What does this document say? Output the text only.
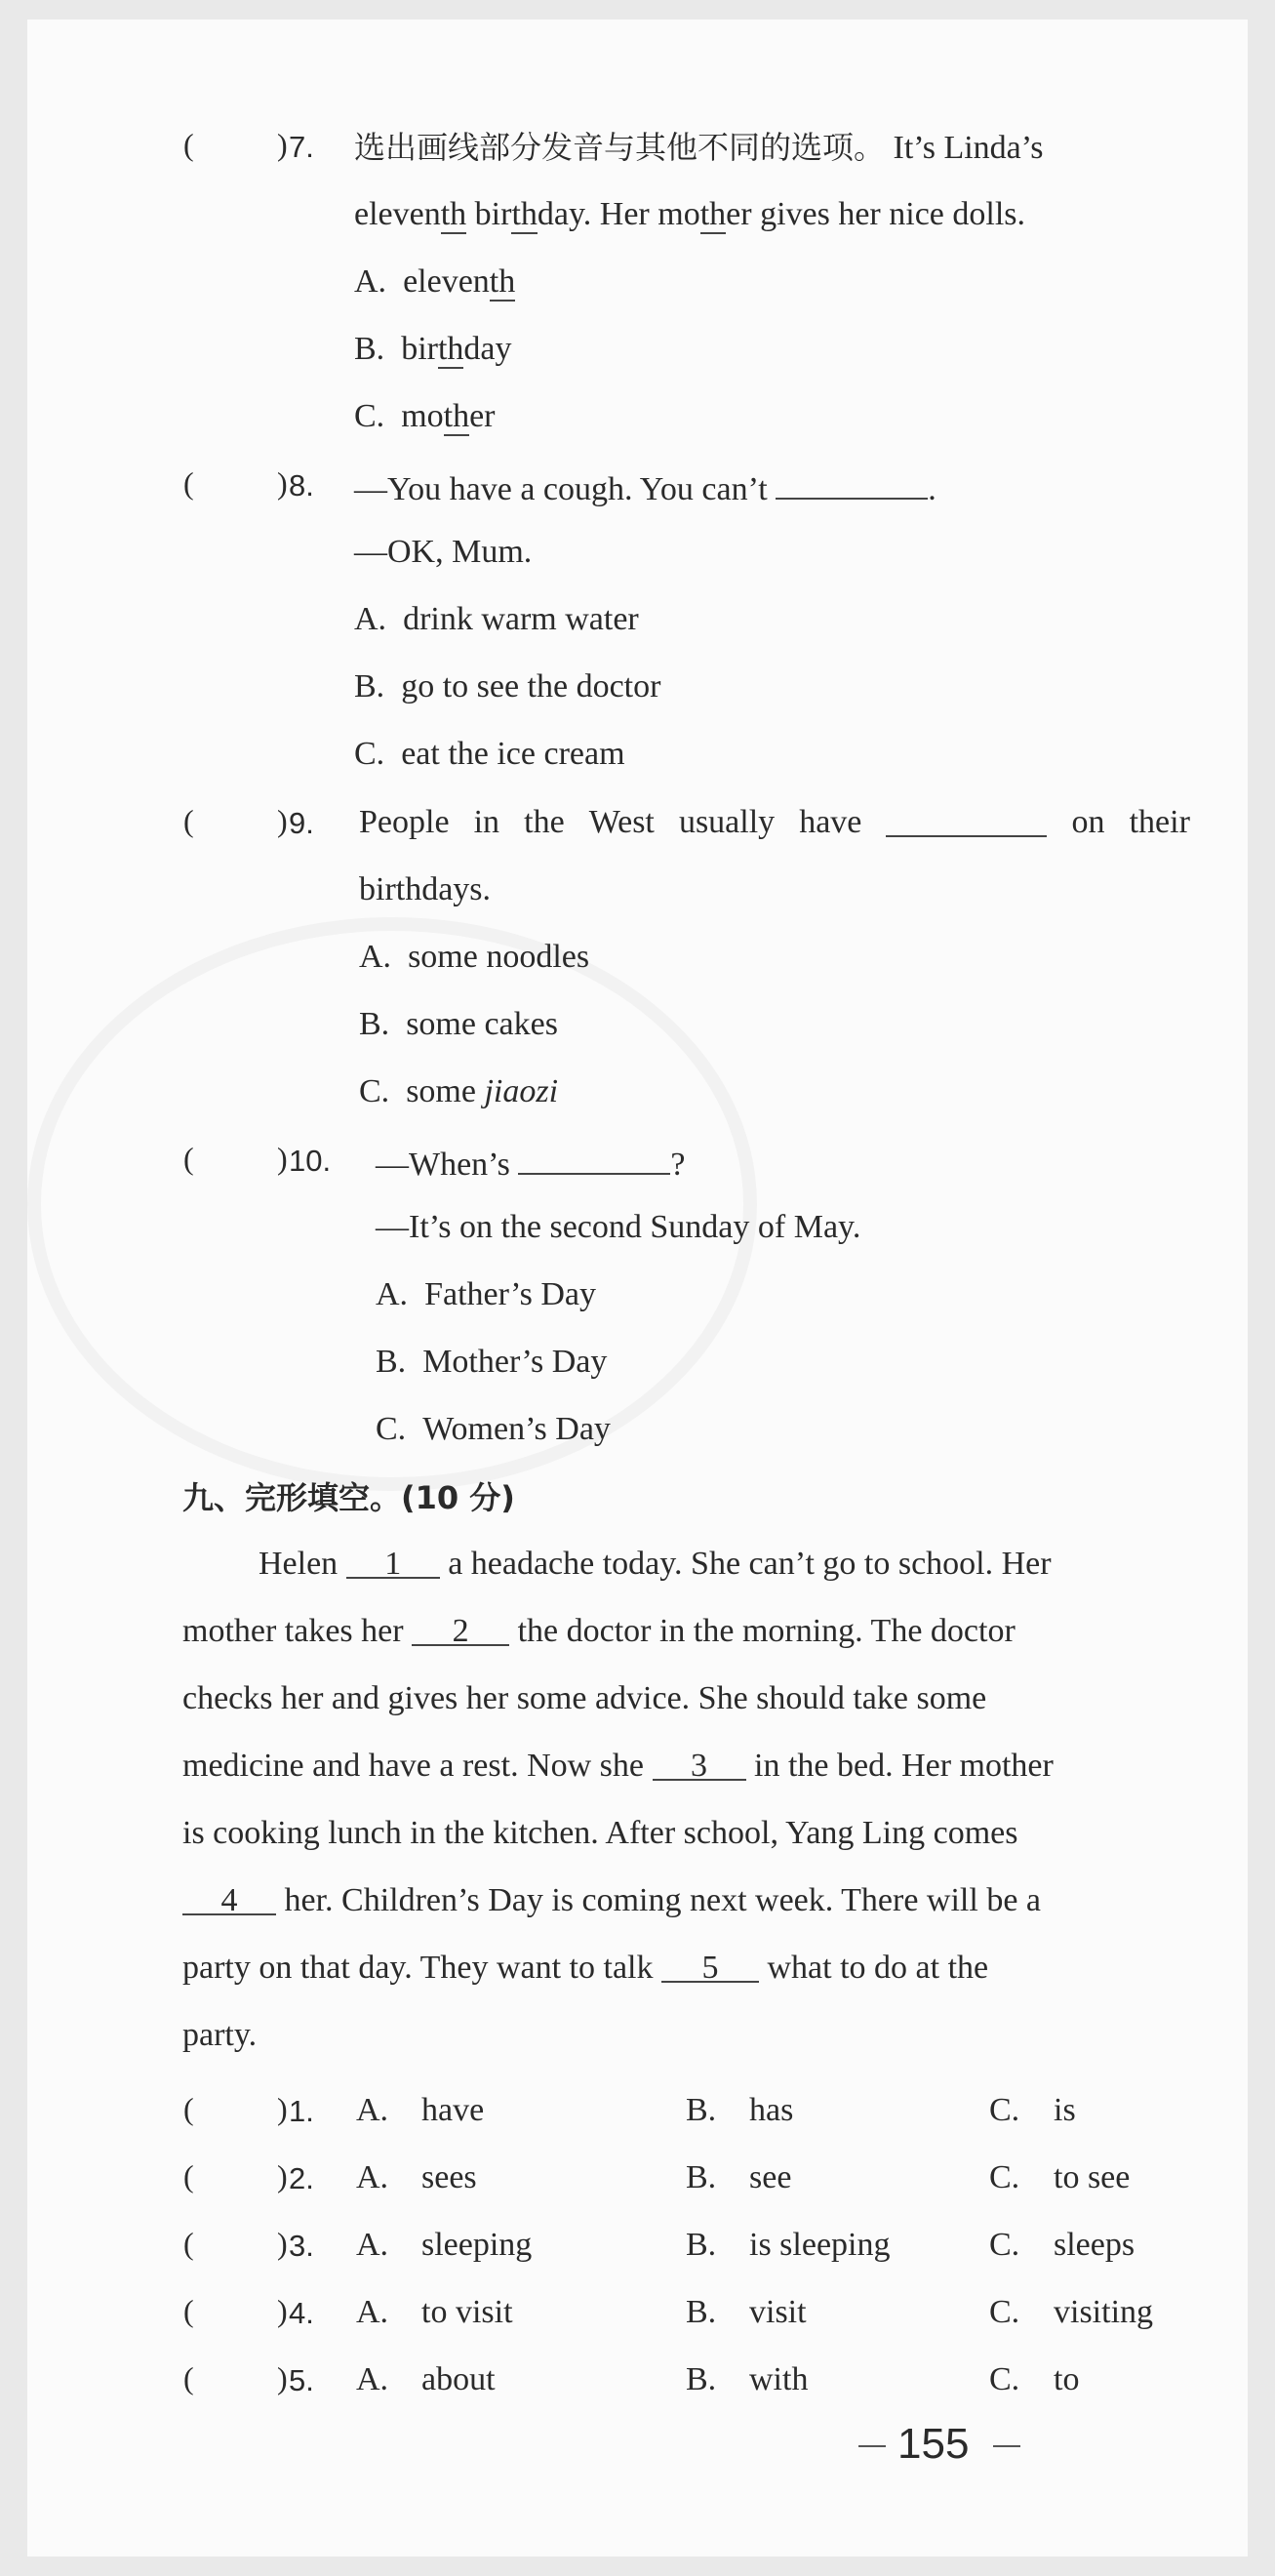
(	) 7. 选出画线部分发音与其他不同的选项。 It’s Linda’s
eleventh birthday. Her mother gives her nice dolls.
A. eleventh
B. birthday
C. mother
(	) 8. —You have a cough. You can’t	.
—OK, Mum.
A. drink warm water
B. go to see the doctor
C. eat the ice cream
(	) 9. People in the West usually have	on their
birthdays.
A. some noodles
B. some cakes
C. some jiaozi
(	) 10. —When’s	?
—It’s on the second Sunday of May.
A. Father’s Day
B. Mother’s Day
C. Women’s Day
九、完形填空。(10 分)
Helen 1 a headache today. She can’t go to school. Her
mother takes her 2 the doctor in the morning. The doctor
checks her and gives her some advice. She should take some
medicine and have a rest. Now she 3 in the bed. Her mother
is cooking lunch in the kitchen. After school, Yang Ling comes
4 her. Children’s Day is coming next week. There will be a
party on that day. They want to talk 5 what to do at the
party.
(	) 1. A. have	B. has	C. is
(	) 2. A. sees	B. see	C. to see
(	) 3. A. sleeping	B. is sleeping	C. sleeps
(	) 4. A. to visit	B. visit	C. visiting
(	) 5. A. about	B. with	C. to
155
